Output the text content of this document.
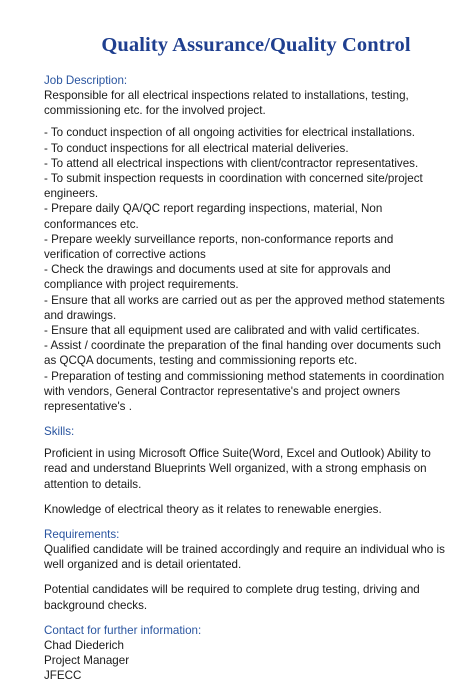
Quality Assurance/Quality Control

Job Description:

Responsible for all electrical inspections related to installations, testing, commissioning etc. for the involved project.

- To conduct inspection of all ongoing activities for electrical installations.
- To conduct inspections for all electrical material deliveries.
- To attend all electrical inspections with client/contractor representatives.
- To submit inspection requests in coordination with concerned site/project engineers.
- Prepare daily QA/QC report regarding inspections, material, Non conformances etc.
- Prepare weekly surveillance reports, non-conformance reports and verification of corrective actions
- Check the drawings and documents used at site for approvals and compliance with project requirements.
- Ensure that all works are carried out as per the approved method statements and drawings.
- Ensure that all equipment used are calibrated and with valid certificates.
- Assist / coordinate the preparation of the final handing over documents such as QCQA documents, testing and commissioning reports etc.
- Preparation of testing and commissioning method statements in coordination with vendors, General Contractor representative's and project owners representative's .

Skills:

Proficient in using Microsoft Office Suite(Word, Excel and Outlook) Ability to read and understand Blueprints Well organized, with a strong emphasis on attention to details.

Knowledge of electrical theory as it relates to renewable energies.

Requirements:

Qualified candidate will be trained accordingly and require an individual who is well organized and is detail orientated.

Potential candidates will be required to complete drug testing, driving and background checks.

Contact for further information:

Chad Diederich

Project Manager

JFECC
